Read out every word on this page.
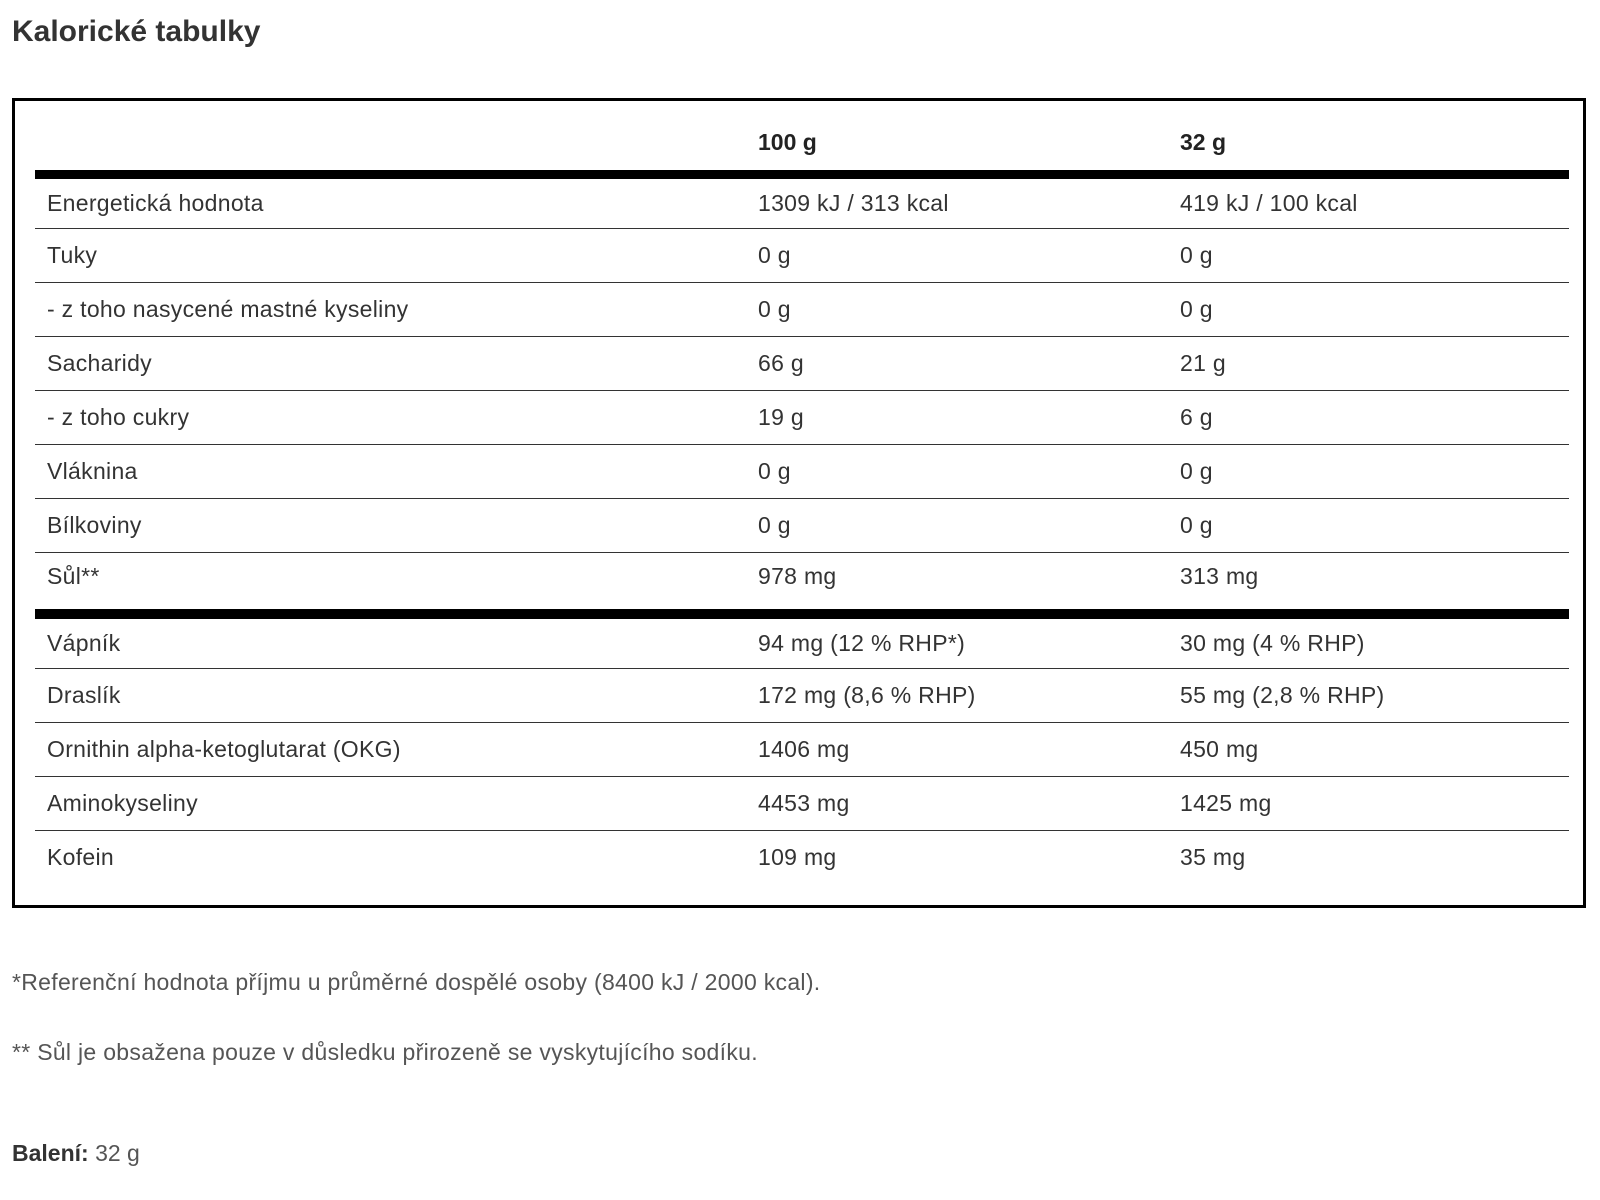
Kalorické tabulky
	100 g	32 g
Energetická hodnota	1309 kJ / 313 kcal	419 kJ / 100 kcal
Tuky	0 g	0 g
- z toho nasycené mastné kyseliny	0 g	0 g
Sacharidy	66 g	21 g
- z toho cukry	19 g	6 g
Vláknina	0 g	0 g
Bílkoviny	0 g	0 g
Sůl**	978 mg	313 mg
Vápník	94 mg (12 % RHP*)	30 mg (4 % RHP)
Draslík	172 mg (8,6 % RHP)	55 mg (2,8 % RHP)
Ornithin alpha-ketoglutarat (OKG)	1406 mg	450 mg
Aminokyseliny	4453 mg	1425 mg
Kofein	109 mg	35 mg

*Referenční hodnota příjmu u průměrné dospělé osoby (8400 kJ / 2000 kcal).

** Sůl je obsažena pouze v důsledku přirozeně se vyskytujícího sodíku.

Balení: 32 g
